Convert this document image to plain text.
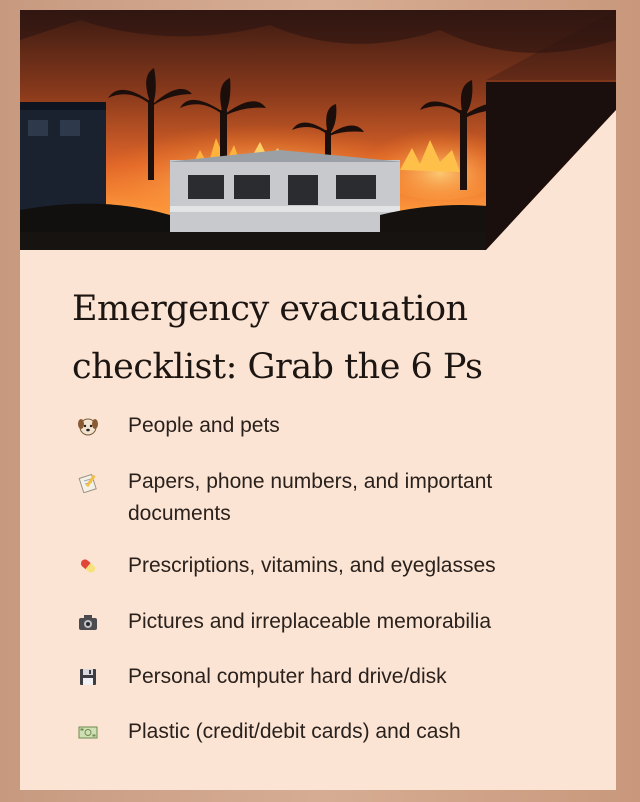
Emergency evacuation
checklist: Grab the 6 Ps
People and pets
Papers, phone numbers, and important documents
Prescriptions, vitamins, and eyeglasses
Pictures and irreplaceable memorabilia
Personal computer hard drive/disk
Plastic (credit/debit cards) and cash
